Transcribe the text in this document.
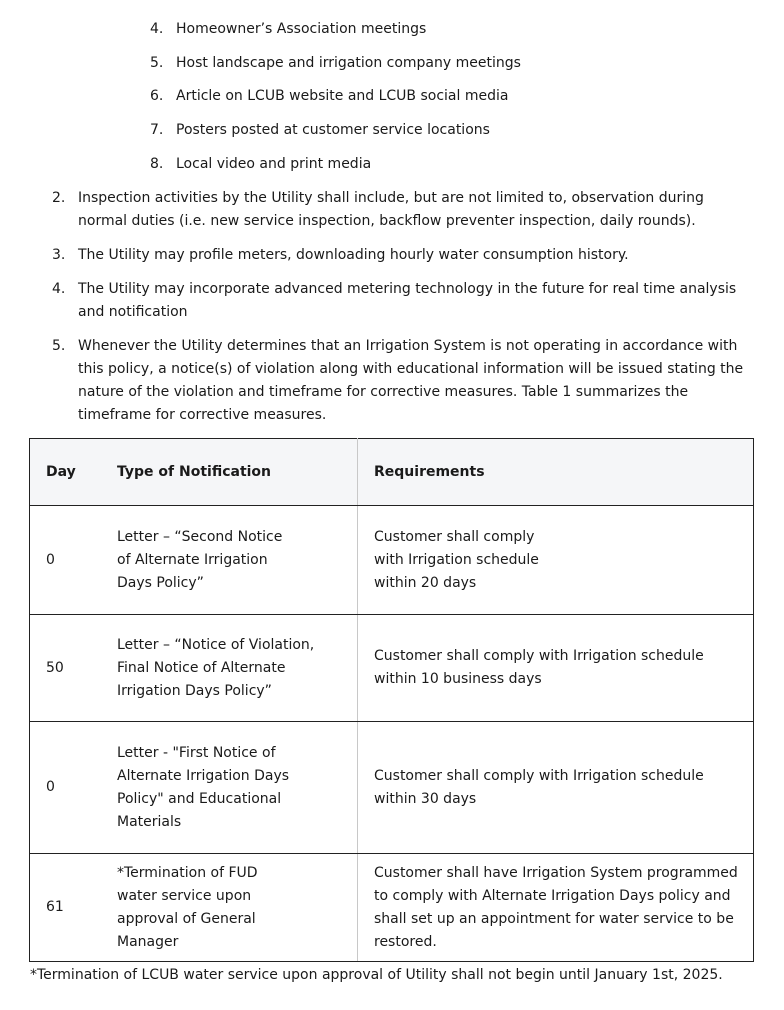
4. Homeowner’s Association meetings
5. Host landscape and irrigation company meetings
6. Article on LCUB website and LCUB social media
7. Posters posted at customer service locations
8. Local video and print media
2. Inspection activities by the Utility shall include, but are not limited to, observation during normal duties (i.e. new service inspection, backflow preventer inspection, daily rounds).
3. The Utility may profile meters, downloading hourly water consumption history.
4. The Utility may incorporate advanced metering technology in the future for real time analysis and notification
5. Whenever the Utility determines that an Irrigation System is not operating in accordance with this policy, a notice(s) of violation along with educational information will be issued stating the nature of the violation and timeframe for corrective measures. Table 1 summarizes the timeframe for corrective measures.
Day	Type of Notification	Requirements
0	Letter – “Second Notice of Alternate Irrigation Days Policy”	Customer shall comply with Irrigation schedule within 20 days

50	Letter – “Notice of Violation, Final Notice of Alternate Irrigation Days Policy”	Customer shall comply with Irrigation schedule within 10 business days
0	Letter - "First Notice of Alternate Irrigation Days Policy" and Educational Materials	Customer shall comply with Irrigation schedule within 30 days
61	*Termination of FUD water service upon approval of General Manager	Customer shall have Irrigation System programmed to comply with Alternate Irrigation Days policy and shall set up an appointment for water service to be restored.
*Termination of LCUB water service upon approval of Utility shall not begin until January 1st, 2025.
